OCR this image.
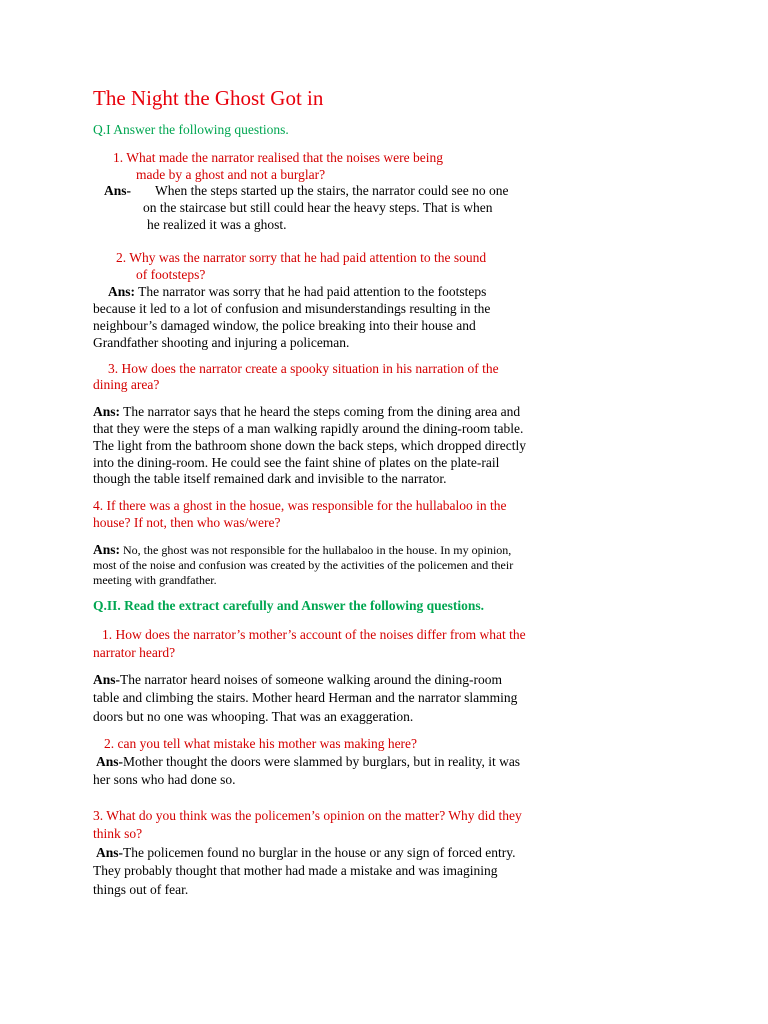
The Night the Ghost Got in
Q.I Answer the following questions.
1. What made the narrator realised that the noises were being
made by a ghost and not a burglar?
Ans- When the steps started up the stairs, the narrator could see no one
on the staircase but still could hear the heavy steps. That is when
he realized it was a ghost.
2. Why was the narrator sorry that he had paid attention to the sound
of footsteps?
Ans: The narrator was sorry that he had paid attention to the footsteps
because it led to a lot of confusion and misunderstandings resulting in the
neighbour’s damaged window, the police breaking into their house and
Grandfather shooting and injuring a policeman.
3. How does the narrator create a spooky situation in his narration of the
dining area?
Ans: The narrator says that he heard the steps coming from the dining area and
that they were the steps of a man walking rapidly around the dining-room table.
The light from the bathroom shone down the back steps, which dropped directly
into the dining-room. He could see the faint shine of plates on the plate-rail
though the table itself remained dark and invisible to the narrator.
4. If there was a ghost in the hosue, was responsible for the hullabaloo in the
house? If not, then who was/were?
Ans: No, the ghost was not responsible for the hullabaloo in the house. In my opinion,
most of the noise and confusion was created by the activities of the policemen and their
meeting with grandfather.
Q.II. Read the extract carefully and Answer the following questions.
1. How does the narrator’s mother’s account of the noises differ from what the
narrator heard?
Ans-The narrator heard noises of someone walking around the dining-room
table and climbing the stairs. Mother heard Herman and the narrator slamming
doors but no one was whooping. That was an exaggeration.
2. can you tell what mistake his mother was making here?
Ans-Mother thought the doors were slammed by burglars, but in reality, it was
her sons who had done so.
3. What do you think was the policemen’s opinion on the matter? Why did they
think so?
Ans-The policemen found no burglar in the house or any sign of forced entry.
They probably thought that mother had made a mistake and was imagining
things out of fear.
